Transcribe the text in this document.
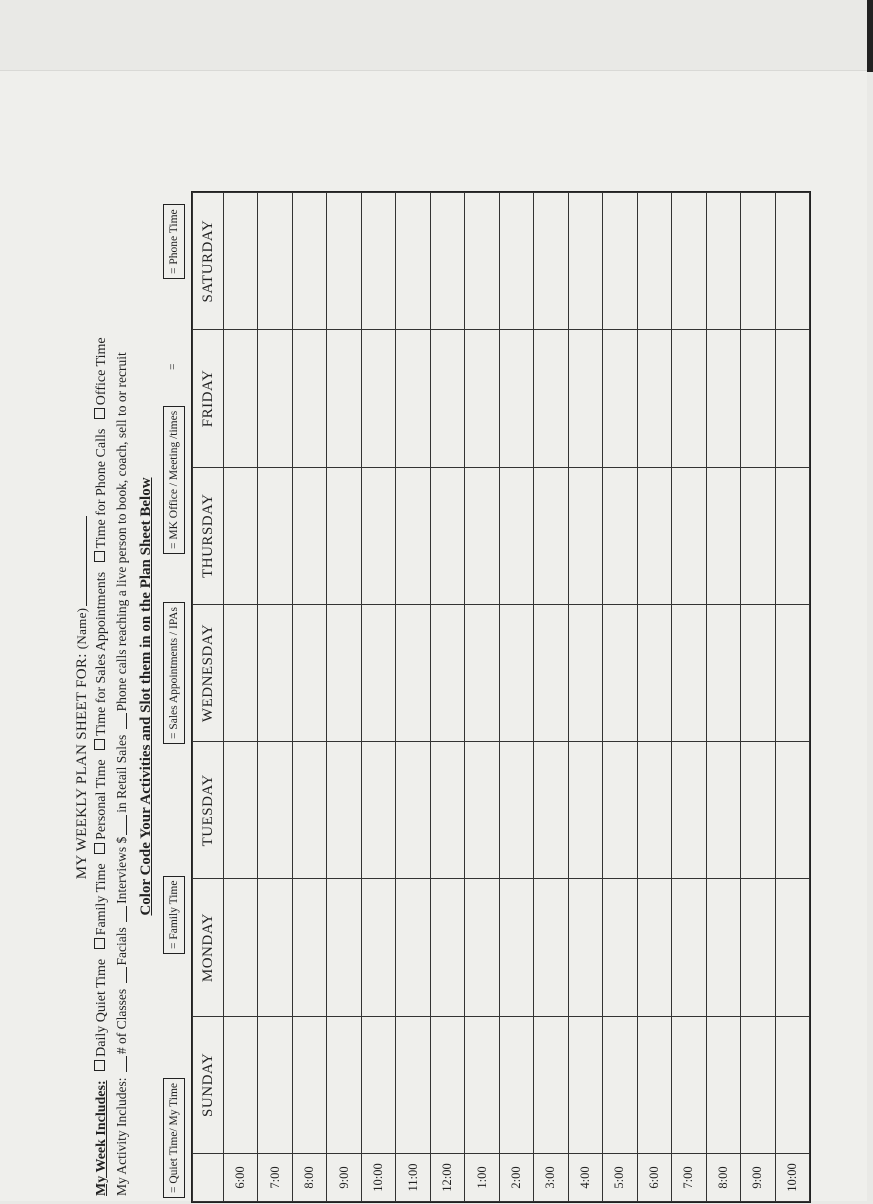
MY WEEKLY PLAN SHEET FOR: (Name)
My Week Includes: Daily Quiet Time Family Time Personal Time Time for Sales Appointments Time for Phone Calls Office Time
My Activity Includes: # of Classes Facials Interviews $in Retail Sales Phone calls reaching a live person to book, coach, sell to or recruit Color Code Your Activities and Slot them in on the Plan Sheet Below
= Quiet Time/ My Time
= Family Time
= Sales Appointments / IPAs
= MK Office / Meeting /times
=
= Phone Time
	SUNDAY	MONDAY	TUESDAY	WEDNESDAY	THURSDAY	FRIDAY	SATURDAY
6:00							
7:00							
8:00							
9:00							
10:00							
11:00							
12:00							
1:00							
2:00							
3:00							
4:00							
5:00							
6:00							
7:00							
8:00							
9:00							
10:00							
